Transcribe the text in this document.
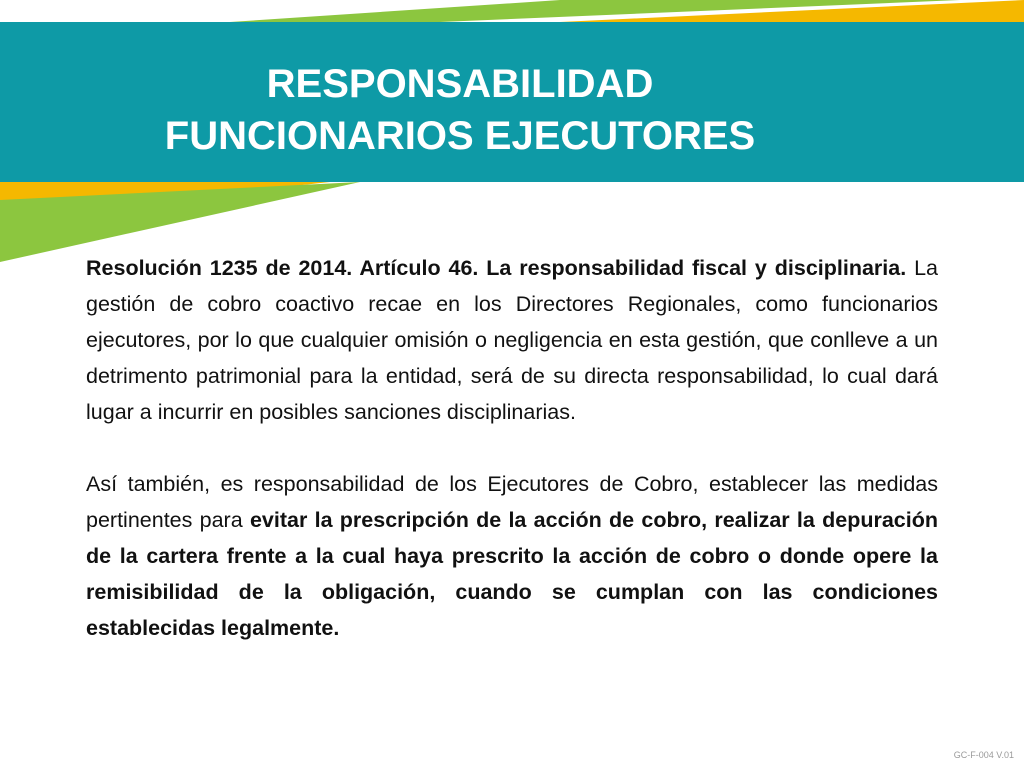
RESPONSABILIDAD
FUNCIONARIOS EJECUTORES

Resolución 1235 de 2014. Artículo 46. La responsabilidad fiscal y disciplinaria. La gestión de cobro coactivo recae en los Directores Regionales, como funcionarios ejecutores, por lo que cualquier omisión o negligencia en esta gestión, que conlleve a un detrimento patrimonial para la entidad, será de su directa responsabilidad, lo cual dará lugar a incurrir en posibles sanciones disciplinarias.

Así también, es responsabilidad de los Ejecutores de Cobro, establecer las medidas pertinentes para evitar la prescripción de la acción de cobro, realizar la depuración de la cartera frente a la cual haya prescrito la acción de cobro o donde opere la remisibilidad de la obligación, cuando se cumplan con las condiciones establecidas legalmente.

GC-F-004 V.01
